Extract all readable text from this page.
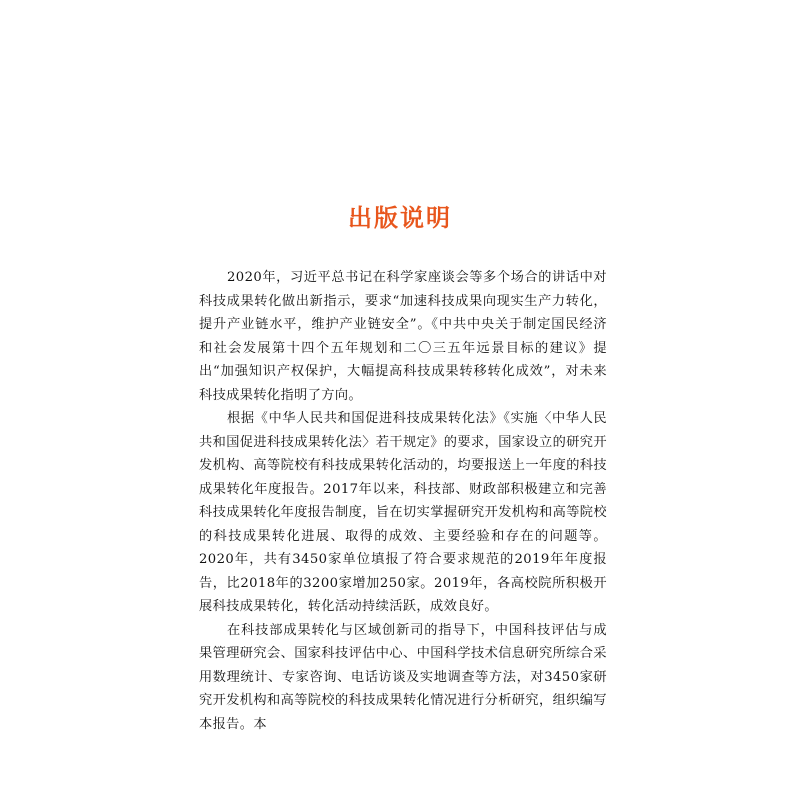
出版说明

2020年，习近平总书记在科学家座谈会等多个场合的讲话中对科技成果转化做出新指示，要求“加速科技成果向现实生产力转化，提升产业链水平，维护产业链安全”。《中共中央关于制定国民经济和社会发展第十四个五年规划和二〇三五年远景目标的建议》提出“加强知识产权保护，大幅提高科技成果转移转化成效”，对未来科技成果转化指明了方向。

根据《中华人民共和国促进科技成果转化法》《实施〈中华人民共和国促进科技成果转化法〉若干规定》的要求，国家设立的研究开发机构、高等院校有科技成果转化活动的，均要报送上一年度的科技成果转化年度报告。2017年以来，科技部、财政部积极建立和完善科技成果转化年度报告制度，旨在切实掌握研究开发机构和高等院校的科技成果转化进展、取得的成效、主要经验和存在的问题等。2020年，共有3450家单位填报了符合要求规范的2019年年度报告，比2018年的3200家增加250家。2019年，各高校院所积极开展科技成果转化，转化活动持续活跃，成效良好。

在科技部成果转化与区域创新司的指导下，中国科技评估与成果管理研究会、国家科技评估中心、中国科学技术信息研究所综合采用数理统计、专家咨询、电话访谈及实地调查等方法，对3450家研究开发机构和高等院校的科技成果转化情况进行分析研究，组织编写本报告。本
